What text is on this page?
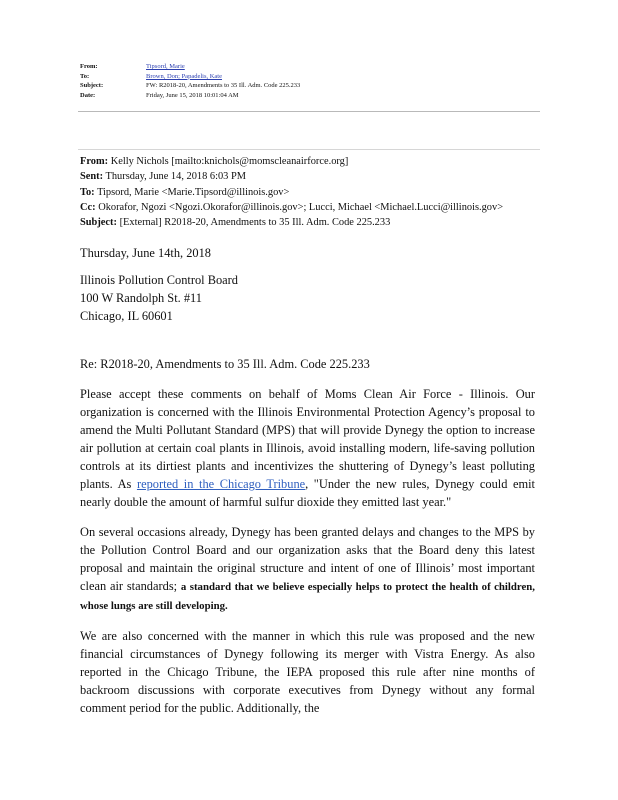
From:	Tipsord, Marie
To:	Brown, Don; Papadelis, Kate
Subject:	FW: R2018-20, Amendments to 35 Ill. Adm. Code 225.233
Date:	Friday, June 15, 2018 10:01:04 AM
From: Kelly Nichols [mailto:knichols@momscleanairforce.org]
Sent: Thursday, June 14, 2018 6:03 PM
To: Tipsord, Marie <Marie.Tipsord@illinois.gov>
Cc: Okorafor, Ngozi <Ngozi.Okorafor@illinois.gov>; Lucci, Michael <Michael.Lucci@illinois.gov>
Subject: [External] R2018-20, Amendments to 35 Ill. Adm. Code 225.233
Thursday, June 14th, 2018
Illinois Pollution Control Board
100 W Randolph St. #11
Chicago, IL 60601
Re: R2018-20, Amendments to 35 Ill. Adm. Code 225.233
Please accept these comments on behalf of Moms Clean Air Force - Illinois. Our organization is concerned with the Illinois Environmental Protection Agency’s proposal to amend the Multi Pollutant Standard (MPS) that will provide Dynegy the option to increase air pollution at certain coal plants in Illinois, avoid installing modern, life-saving pollution controls at its dirtiest plants and incentivizes the shuttering of Dynegy’s least polluting plants. As reported in the Chicago Tribune, "Under the new rules, Dynegy could emit nearly double the amount of harmful sulfur dioxide they emitted last year."
On several occasions already, Dynegy has been granted delays and changes to the MPS by the Pollution Control Board and our organization asks that the Board deny this latest proposal and maintain the original structure and intent of one of Illinois’ most important clean air standards; a standard that we believe especially helps to protect the health of children, whose lungs are still developing.
We are also concerned with the manner in which this rule was proposed and the new financial circumstances of Dynegy following its merger with Vistra Energy. As also reported in the Chicago Tribune, the IEPA proposed this rule after nine months of backroom discussions with corporate executives from Dynegy without any formal comment period for the public. Additionally, the
